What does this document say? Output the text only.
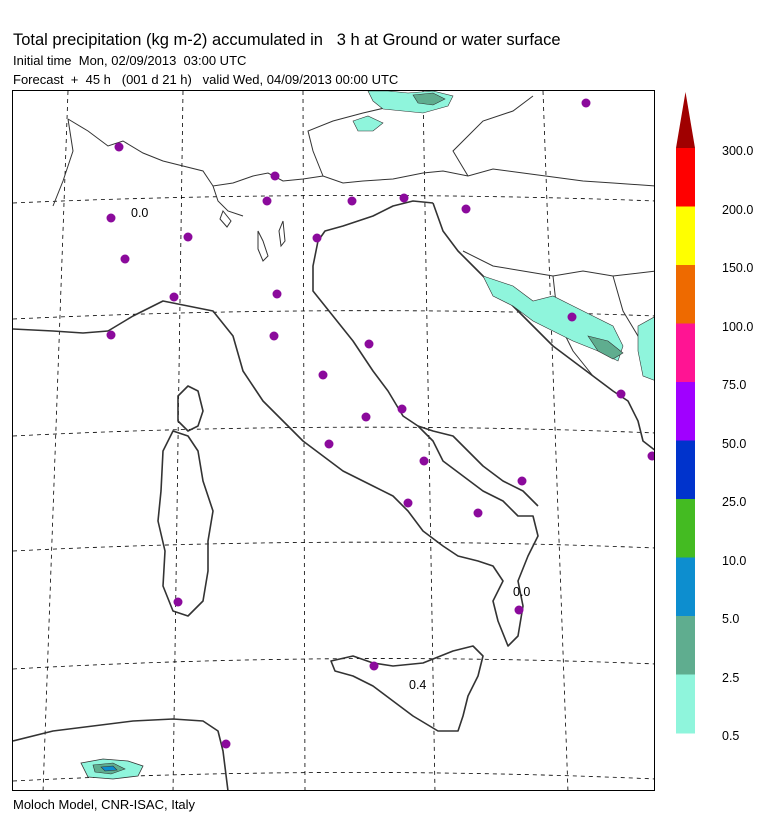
Total precipitation (kg m-2) accumulated in   3 h at Ground or water surface
Initial time  Mon, 02/09/2013  03:00 UTC
Forecast  +  45 h   (001 d 21 h)   valid Wed, 04/09/2013 00:00 UTC
0.0
0.0
0.4
300.0
200.0
150.0
100.0
75.0
50.0
25.0
10.0
5.0
2.5
0.5
Moloch Model, CNR-ISAC, Italy
